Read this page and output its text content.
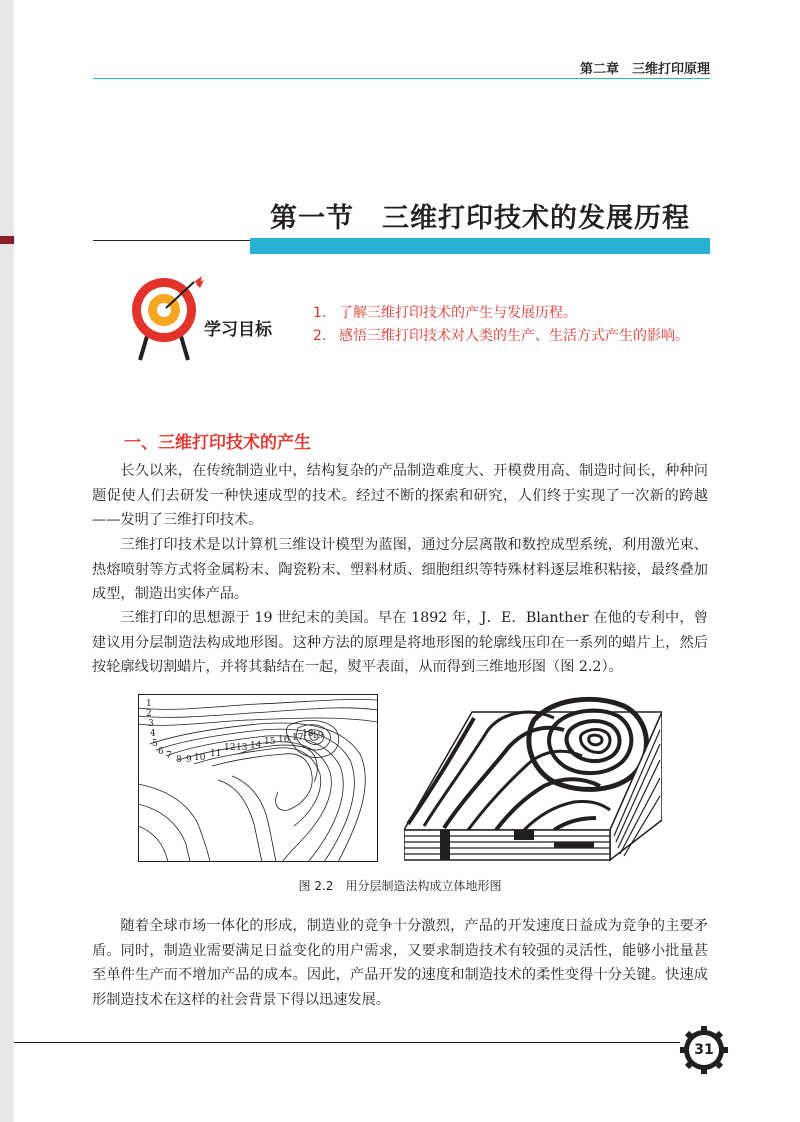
第二章　三维打印原理
第一节　三维打印技术的发展历程
学习目标
1. 了解三维打印技术的产生与发展历程。
2. 感悟三维打印技术对人类的生产、生活方式产生的影响。
一、三维打印技术的产生

长久以来，在传统制造业中，结构复杂的产品制造难度大、开模费用高、制造时间长，种种问题促使人们去研发一种快速成型的技术。经过不断的探索和研究，人们终于实现了一次新的跨越——发明了三维打印技术。

三维打印技术是以计算机三维设计模型为蓝图，通过分层离散和数控成型系统，利用激光束、热熔喷射等方式将金属粉末、陶瓷粉末、塑料材质、细胞组织等特殊材料逐层堆积粘接，最终叠加成型，制造出实体产品。

三维打印的思想源于 19 世纪末的美国。早在 1892 年，J．E．Blanther 在他的专利中，曾建议用分层制造法构成地形图。这种方法的原理是将地形图的轮廓线压印在一系列的蜡片上，然后按轮廓线切割蜡片，并将其黏结在一起，熨平表面，从而得到三维地形图（图 2.2）。

1
2
3
4
5
6 7 8 9 10 11
12 13 14 15 16 17
18
19
图 2.2　用分层制造法构成立体地形图

随着全球市场一体化的形成，制造业的竞争十分激烈，产品的开发速度日益成为竞争的主要矛盾。同时，制造业需要满足日益变化的用户需求，又要求制造技术有较强的灵活性，能够小批量甚至单件生产而不增加产品的成本。因此，产品开发的速度和制造技术的柔性变得十分关键。快速成形制造技术在这样的社会背景下得以迅速发展。

31
